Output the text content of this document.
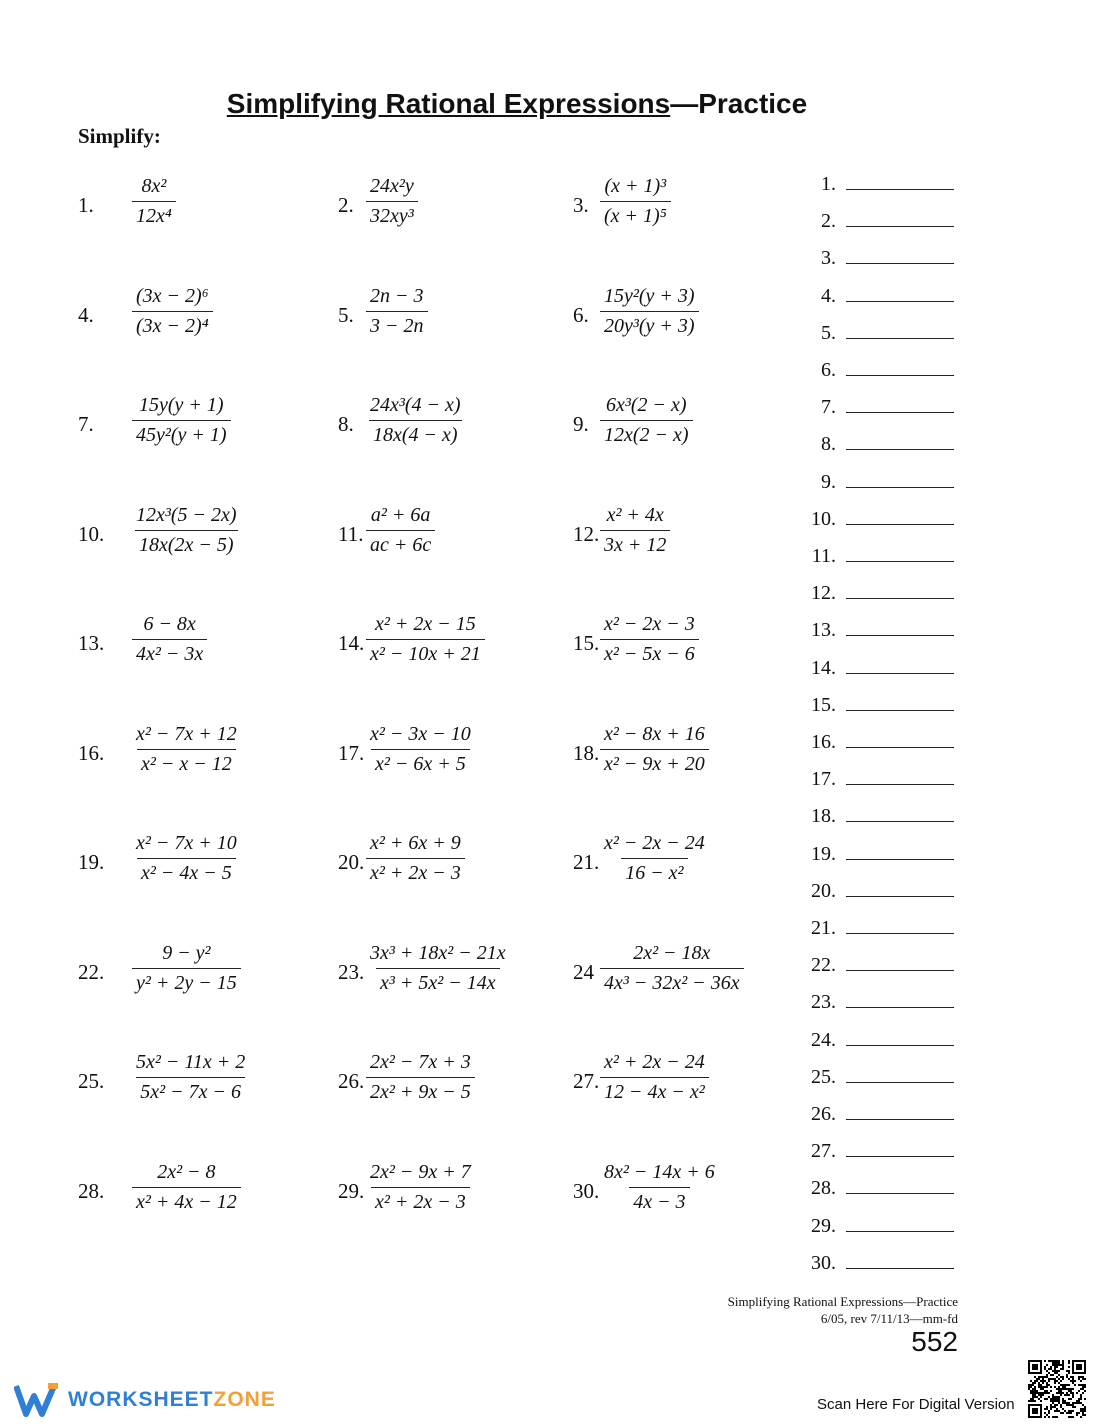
Simplifying Rational Expressions—Practice
Simplify:
1.	$\frac{\text{8x²}}{\text{12x⁴}}$	2. $\frac{\text{24x²y}}{\text{32xy³}}$	3. $\frac{\text{(x + 1)³}}{\text{(x + 1)⁵}}$
4.	$\frac{\text{(3x − 2)⁶}}{\text{(3x − 2)⁴}}$	5. $\frac{2n - 3}{3 - 2n}$	6. $\frac{\text{15y²(y + 3)}}{\text{20y³(y + 3)}}$
7.	$\frac{15y(y + 1)}{\text{45y²(y + 1)}}$	8. $\frac{\text{24x³(4 − x)}}{18x(4 - x)}$	9. $\frac{\text{6x³(2 − x)}}{12x(2 - x)}$
10. $\frac{\text{12x³(5 − 2x)}}{18x(2x - 5)}$	11. $\frac{\text{a² + 6a}}{ac + 6c}$	12. $\frac{\text{x² + 4x}}{3x + 12}$
13. $\frac{6 - 8x}{\text{4x² − 3x}}$	14. $\frac{\text{x² + 2x − 15}}{\text{x² − 10x + 21}}$	15. $\frac{\text{x² − 2x − 3}}{\text{x² − 5x − 6}}$
16. $\frac{\text{x² − 7x + 12}}{\text{x² − x − 12}}$	17. $\frac{\text{x² − 3x − 10}}{\text{x² − 6x + 5}}$	18. $\frac{\text{x² − 8x + 16}}{\text{x² − 9x + 20}}$
19. $\frac{\text{x² − 7x + 10}}{\text{x² − 4x − 5}}$	20. $\frac{\text{x² + 6x + 9}}{\text{x² + 2x − 3}}$	21. $\frac{\text{x² − 2x − 24}}{\text{16 − x²}}$
22. $\frac{\text{9 − y²}}{\text{y² + 2y − 15}}$	23. $\frac{\text{3x³ + 18x² − 21x}}{\text{x³ + 5x² − 14x}}$	$24 \frac{\text{2x² − 18x}}{\text{4x³ − 32x² − 36x}}$
25. $\frac{\text{5x² − 11x + 2}}{\text{5x² − 7x − 6}}$	26. $\frac{\text{2x² − 7x + 3}}{\text{2x² + 9x − 5}}$	27. $\frac{\text{x² + 2x − 24}}{\text{12 − 4x − x²}}$
28. $\frac{\text{2x² − 8}}{\text{x² + 4x − 12}}$	29. $\frac{\text{2x² − 9x + 7}}{\text{x² + 2x − 3}}$	30. $\frac{\text{8x² − 14x + 6}}{4x - 3}$
1.
2.
3.
4.
5.
6.
7.
8.
9.
10.
11.
12.
13.
14.
15.
16.
17.
18.
19.
20.
21.
22.
23.
24.
25.
26.
27.
28.
29.
30.
Simplifying Rational Expressions—Practice
6/05, rev 7/11/13—mm-fd
552
WORKSHEETZONE	Scan Here For Digital Version
